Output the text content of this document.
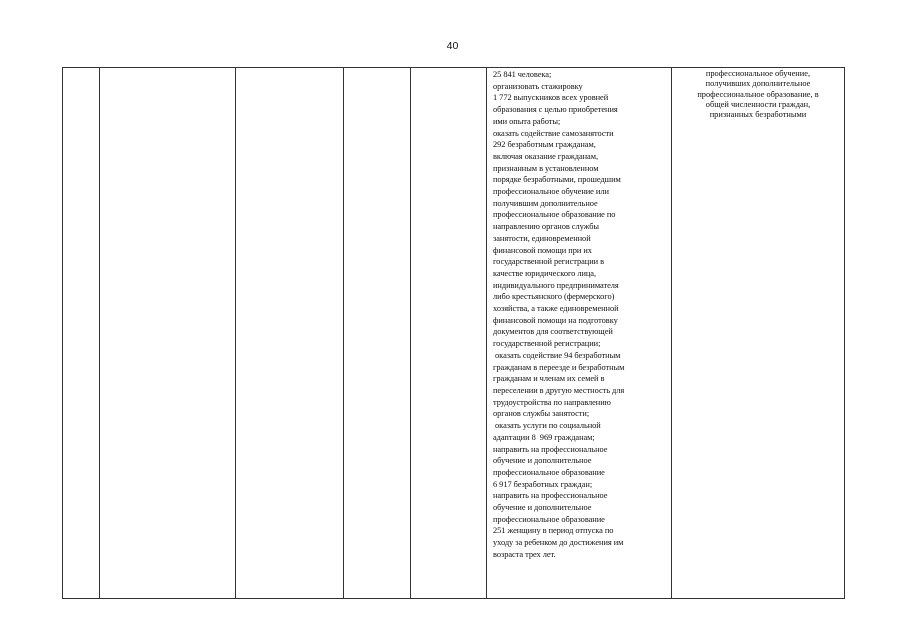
40
					25 841 человека;
организовать стажировку
1 772 выпускников всех уровней
образования с целью приобретения
ими опыта работы;
оказать содействие самозанятости
292 безработным гражданам,
включая оказание гражданам,
признанным в установленном
порядке безработными, прошедшим
профессиональное обучение или
получившим дополнительное
профессиональное образование по
направлению органов службы
занятости, единовременной
финансовой помощи при их
государственной регистрации в
качестве юридического лица,
индивидуального предпринимателя
либо крестьянского (фермерского)
хозяйства, а также единовременной
финансовой помощи на подготовку
документов для соответствующей
государственной регистрации;
оказать содействие 94 безработным
гражданам в переезде и безработным
гражданам и членам их семей в
переселении в другую местность для
трудоустройства по направлению
органов службы занятости;
оказать услуги по социальной
адаптации 8  969 гражданам;
направить на профессиональное
обучение и дополнительное
профессиональное образование
6 917 безработных граждан;
направить на профессиональное
обучение и дополнительное
профессиональное образование
251 женщину в период отпуска по
уходу за ребенком до достижения им
возраста трех лет.	профессиональное обучение,
получивших дополнительное
профессиональное образование, в
общей численности граждан,
признанных безработными
